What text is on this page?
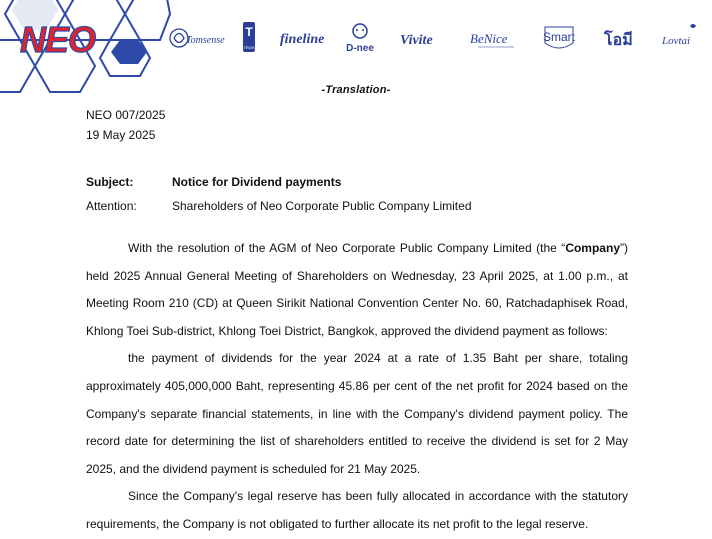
NEO	Tomsense
T
TROS
fineline
D-nee
Vivite	BeNice	Smart โอมี	Lovtai
-Translation-
NEO 007/2025
19 May 2025
Subject:	Notice for Dividend payments
Attention:	Shareholders of Neo Corporate Public Company Limited

With the resolution of the AGM of Neo Corporate Public Company Limited (the “Company”) held 2025 Annual General Meeting of Shareholders on Wednesday, 23 April 2025, at 1.00 p.m., at Meeting Room 210 (CD) at Queen Sirikit National Convention Center No. 60, Ratchadaphisek Road, Khlong Toei Sub-district, Khlong Toei District, Bangkok, approved the dividend payment as follows:

the payment of dividends for the year 2024 at a rate of 1.35 Baht per share, totaling approximately 405,000,000 Baht, representing 45.86 per cent of the net profit for 2024 based on the Company's separate financial statements, in line with the Company's dividend payment policy. The record date for determining the list of shareholders entitled to receive the dividend is set for 2 May 2025, and the dividend payment is scheduled for 21 May 2025.

Since the Company's legal reserve has been fully allocated in accordance with the statutory requirements, the Company is not obligated to further allocate its net profit to the legal reserve.
